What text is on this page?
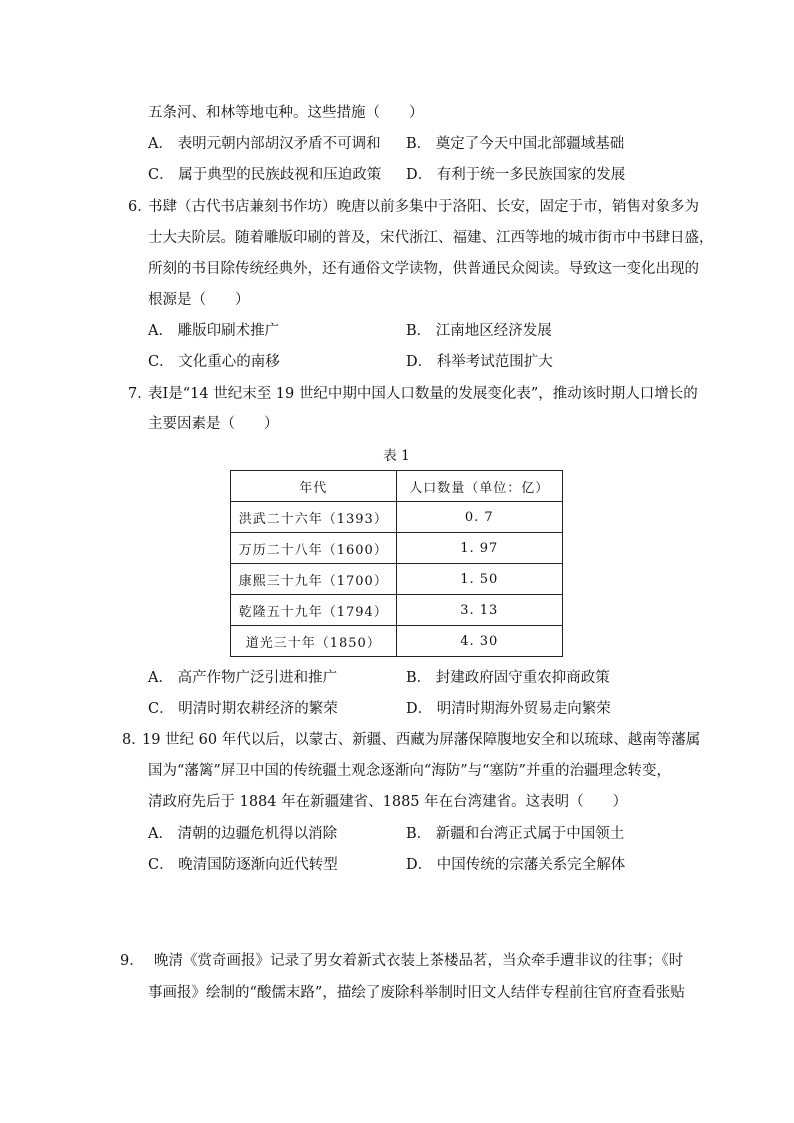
五条河、和林等地屯种。这些措施（　　）
A． 表明元朝内部胡汉矛盾不可调和 B． 奠定了今天中国北部疆域基础
C． 属于典型的民族歧视和压迫政策 D． 有利于统一多民族国家的发展
6．
书肆（古代书店兼刻书作坊）晚唐以前多集中于洛阳、长安，固定于市，销售对象多为
士大夫阶层。随着雕版印刷的普及，宋代浙江、福建、江西等地的城市街市中书肆日盛，
所刻的书目除传统经典外，还有通俗文学读物，供普通民众阅读。导致这一变化出现的
根源是（　　）
A． 雕版印刷术推广	B． 江南地区经济发展
C． 文化重心的南移	D． 科举考试范围扩大
7．
表Ⅰ是“14 世纪末至 19 世纪中期中国人口数量的发展变化表”，推动该时期人口增长的
主要因素是（　　）
表 1
年代	人口数量（单位：亿）
洪武二十六年（1393）	0. 7
万历二十八年（1600）	1. 97
康熙三十九年（1700）	1. 50
乾隆五十九年（1794）	3. 13
道光三十年（1850）	4. 30
A． 高产作物广泛引进和推广	B． 封建政府固守重农抑商政策
C． 明清时期农耕经济的繁荣	D． 明清时期海外贸易走向繁荣
8．
19 世纪 60 年代以后，以蒙古、新疆、西藏为屏藩保障腹地安全和以琉球、越南等藩属
国为“藩篱”屏卫中国的传统疆土观念逐渐向“海防”与“塞防”并重的治疆理念转变，
清政府先后于 1884 年在新疆建省、1885 年在台湾建省。这表明（　　）
A． 清朝的边疆危机得以消除	B． 新疆和台湾正式属于中国领土
C． 晚清国防逐渐向近代转型	D． 中国传统的宗藩关系完全解体
9． 晚清《赏奇画报》记录了男女着新式衣装上茶楼品茗，当众牵手遭非议的往事；《时
事画报》绘制的“酸儒末路”，描绘了废除科举制时旧文人结伴专程前往官府查看张贴
